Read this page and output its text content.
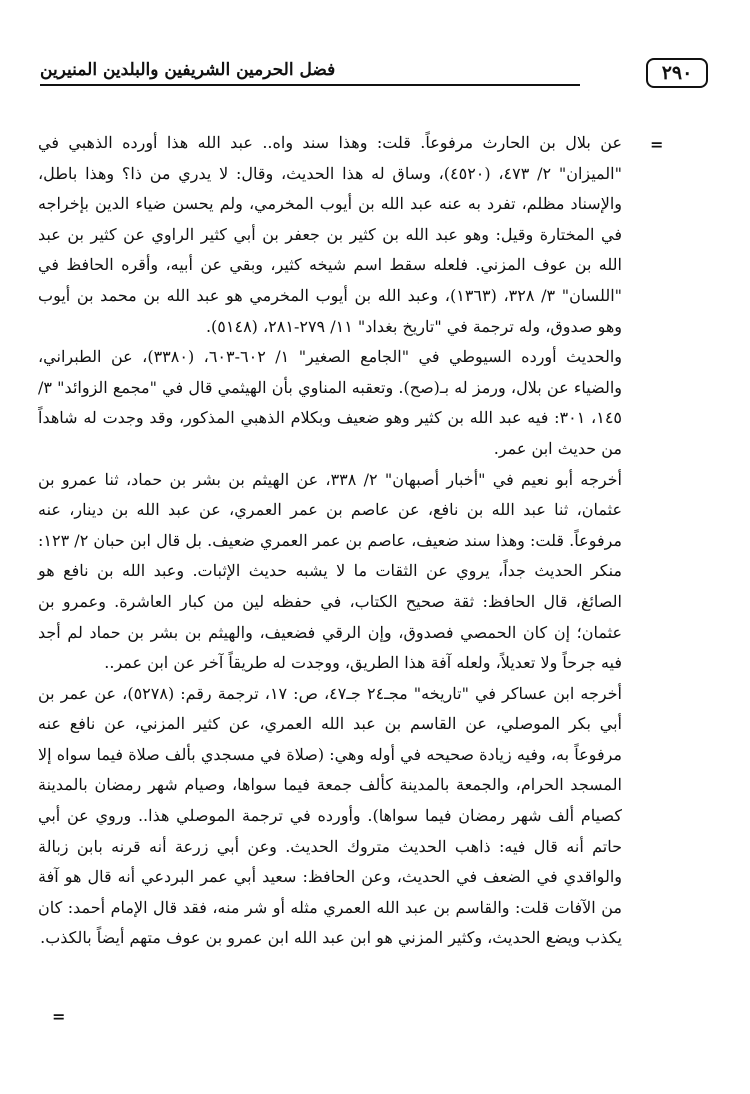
فضل الحرمين الشريفين والبلدين المنيرين	٢٩٠
=

عن بلال بن الحارث مرفوعاً. قلت: وهذا سند واه.. عبد الله هذا أورده الذهبي في "الميزان" ٢/ ٤٧٣، (٤٥٢٠)، وساق له هذا الحديث، وقال: لا يدري من ذا؟ وهذا باطل، والإسناد مظلم، تفرد به عنه عبد الله بن أيوب المخرمي، ولم يحسن ضياء الدين بإخراجه في المختارة وقيل: وهو عبد الله بن كثير بن جعفر بن أبي كثير الراوي عن كثير بن عبد الله بن عوف المزني. فلعله سقط اسم شيخه كثير، وبقي عن أبيه، وأقره الحافظ في "اللسان" ٣/ ٣٢٨، (١٣٦٣)، وعبد الله بن أيوب المخرمي هو عبد الله بن محمد بن أيوب وهو صدوق، وله ترجمة في "تاريخ بغداد" ١١/ ٢٧٩-٢٨١، (٥١٤٨).

والحديث أورده السيوطي في "الجامع الصغير" ١/ ٦٠٢-٦٠٣، (٣٣٨٠)، عن الطبراني، والضياء عن بلال، ورمز له بـ(صح). وتعقبه المناوي بأن الهيثمي قال في "مجمع الزوائد" ٣/ ١٤٥، ٣٠١: فيه عبد الله بن كثير وهو ضعيف وبكلام الذهبي المذكور، وقد وجدت له شاهداً من حديث ابن عمر.

أخرجه أبو نعيم في "أخبار أصبهان" ٢/ ٣٣٨، عن الهيثم بن بشر بن حماد، ثنا عمرو بن عثمان، ثنا عبد الله بن نافع، عن عاصم بن عمر العمري، عن عبد الله بن دينار، عنه مرفوعاً. قلت: وهذا سند ضعيف، عاصم بن عمر العمري ضعيف. بل قال ابن حبان ٢/ ١٢٣: منكر الحديث جداً، يروي عن الثقات ما لا يشبه حديث الإثبات. وعبد الله بن نافع هو الصائغ، قال الحافظ: ثقة صحيح الكتاب، في حفظه لين من كبار العاشرة. وعمرو بن عثمان؛ إن كان الحمصي فصدوق، وإن الرقي فضعيف، والهيثم بن بشر بن حماد لم أجد فيه جرحاً ولا تعديلاً، ولعله آفة هذا الطريق، ووجدت له طريقاً آخر عن ابن عمر..

أخرجه ابن عساكر في "تاريخه" مجـ٢٤ جـ٤٧، ص: ١٧، ترجمة رقم: (٥٢٧٨)، عن عمر بن أبي بكر الموصلي، عن القاسم بن عبد الله العمري، عن كثير المزني، عن نافع عنه مرفوعاً به، وفيه زيادة صحيحه في أوله وهي: (صلاة في مسجدي بألف صلاة فيما سواه إلا المسجد الحرام، والجمعة بالمدينة كألف جمعة فيما سواها، وصيام شهر رمضان بالمدينة كصيام ألف شهر رمضان فيما سواها). وأورده في ترجمة الموصلي هذا.. وروي عن أبي حاتم أنه قال فيه: ذاهب الحديث متروك الحديث. وعن أبي زرعة أنه قرنه بابن زبالة والواقدي في الضعف في الحديث، وعن الحافظ: سعيد أبي عمر البردعي أنه قال هو آفة من الآفات قلت: والقاسم بن عبد الله العمري مثله أو شر منه، فقد قال الإمام أحمد: كان يكذب ويضع الحديث، وكثير المزني هو ابن عبد الله ابن عمرو بن عوف متهم أيضاً بالكذب.

=
